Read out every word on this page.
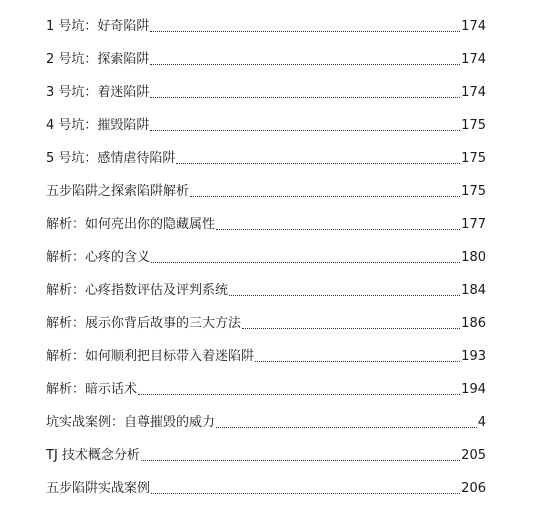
1 号坑：好奇陷阱	174
2 号坑：探索陷阱	174
3 号坑：着迷陷阱	174
4 号坑：摧毁陷阱	175
5 号坑：感情虐待陷阱	175
五步陷阱之探索陷阱解析	175
解析：如何亮出你的隐藏属性	177
解析：心疼的含义	180
解析：心疼指数评估及评判系统	184
解析：展示你背后故事的三大方法	186
解析：如何顺利把目标带入着迷陷阱	193
解析：暗示话术	194
坑实战案例：自尊摧毁的威力	4
TJ 技术概念分析	205
五步陷阱实战案例	206
